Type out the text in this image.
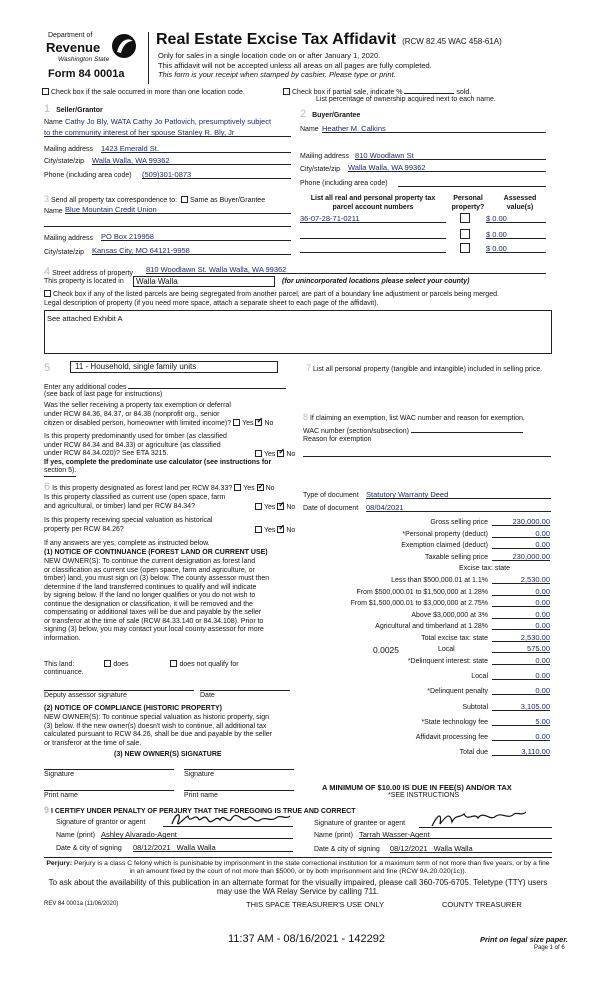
Department of
Revenue
Washington State
Form 84 0001a
Real Estate Excise Tax Affidavit (RCW 82.45 WAC 458-61A)
Only for sales in a single location code on or after January 1, 2020.
This affidavit will not be accepted unless all areas on all pages are fully completed.
This form is your receipt when stamped by cashier. Please type or print.
Check box if the sale occurred in more than one location code.	Check box if partial sale, indicate %	sold.
List percentage of ownership acquired next to each name.
1 Seller/Grantor
Name Cathy Jo Bly, WATA Cathy Jo Patlovich, presumptively subject
to the community interest of her spouse Stanley R. Bly, Jr
Mailing address 1423 Emerald St.
City/state/zip Walla Walla, WA 99362
Phone (including area code) (509)301-0873
2 Buyer/Grantee
Name Heather M. Calkins
Mailing address 810 Woodlawn St
City/state/zip Walla Walla, WA 99362
Phone (including area code)
3 Send all property tax correspondence to: Same as Buyer/Grantee
Name Blue Mountain Credit Union
Mailing address PO Box 219958
City/state/zip Kansas City, MO 64121-9958
List all real and personal property tax
parcel account numbers
Personal
property?
Assessed
value(s)
36-07-28-71-0211	$ 0.00
$ 0.00
$ 0.00
4 Street address of property 810 Woodlawn St. Walla Walla, WA 99362
This property is located in	Walla Walla	(for unincorporated locations please select your county)
Check box if any of the listed parcels are being segregated from another parcel, are part of a boundary line adjustment or parcels being merged.
Legal description of property (if you need more space, attach a separate sheet to each page of the affidavit).
See attached Exhibit A
5	11 - Household, single family units
Enter any additional codes
(see back of last page for instructions)
Was the seller receiving a property tax exemption or deferral
under RCW 84.36, 84.37, or 84.38 (nonprofit org., senior
citizen or disabled person, homeowner with limited income)? Yes ✓ No
Is this property predominantly used for timber (as classified
under RCW 84.34 and 84.33) or agriculture (as classified
under RCW 84.34.020)? See ETA 3215.	Yes ✓ No
If yes, complete the predominate use calculator (see instructions for
section 5).
6 Is this property designated as forest land per RCW 84.33? Yes ✓ No
Is this property classified as current use (open space, farm
and agricultural, or timber) land per RCW 84.34?	Yes ✓ No
Is this property receiving special valuation as historical
property per RCW 84.26?	Yes ✓ No
If any answers are yes, complete as instructed below.
(1) NOTICE OF CONTINUANCE (FOREST LAND OR CURRENT USE)
NEW OWNER(S): To continue the current designation as forest land
or classification as current use (open space, farm and agriculture, or
timber) land, you must sign on (3) below. The county assessor must then
determine if the land transferred continues to qualify and will indicate
by signing below. If the land no longer qualifies or you do not wish to
continue the designation or classification, it will be removed and the
compensating or additional taxes will be due and payable by the seller
or transferor at the time of sale (RCW 84.33.140 or 84.34.108). Prior to
signing (3) below, you may contact your local county assessor for more
information.
This land:	does	does not qualify for
continuance.
Deputy assessor signature	Date
(2) NOTICE OF COMPLIANCE (HISTORIC PROPERTY)
NEW OWNER(S): To continue special valuation as historic property, sign
(3) below. If the new owner(s) doesn't wish to continue, all additional tax
calculated pursuant to RCW 84.26, shall be due and payable by the seller
or transferor at the time of sale.
(3) NEW OWNER(S) SIGNATURE
Signature	Signature
Print name	Print name
7 List all personal property (tangible and intangible) included in selling price.
8 If claiming an exemption, list WAC number and reason for exemption.
WAC number (section/subsection)
Reason for exemption
Type of document Statutory Warranty Deed
Date of document 08/04/2021
Gross selling price	230,000.00
*Personal property (deduct)	0.00
Exemption claimed (deduct)	0.00
Taxable selling price	230,000.00
Excise tax: state
Less than $500,000.01 at 1.1%	2,530.00
From $500,000.01 to $1,500,000 at 1.28%	0.00
From $1,500,000.01 to $3,000,000 at 2.75%	0.00
Above $3,000,000 at 3%	0.00
Agricultural and timberland at 1.28%	0.00
Total excise tax: state	2,530.00
0.0025	Local	575.00
*Delinquent interest: state	0.00
Local	0.00
*Delinquent penalty	0.00
Subtotal	3,105.00
*State technology fee	5.00
Affidavit processing fee	0.00
Total due	3,110.00
A MINIMUM OF $10.00 IS DUE IN FEE(S) AND/OR TAX
*SEE INSTRUCTIONS
9 I CERTIFY UNDER PENALTY OF PERJURY THAT THE FOREGOING IS TRUE AND CORRECT
Signature of grantor or agent
Name (print) Ashley Alvarado-Agent
Date & city of signing 08/12/2021 Walla Walla
Signature of grantee or agent
Name (print) Tarrah Wasser-Agent
Date & city of signing 08/12/2021 Walla Walla
Perjury: Perjury is a class C felony which is punishable by imprisonment in the state correctional institution for a maximum term of not more than five years, or by a fine in an amount fixed by the court of not more than $5000, or by both imprisonment and fine (RCW 9A.20.020(1c)).
To ask about the availability of this publication in an alternate format for the visually impaired, please call 360-705-6705. Teletype (TTY) users may use the WA Relay Service by calling 711.
REV 84 0001a (11/06/2020)	THIS SPACE TREASURER'S USE ONLY	COUNTY TREASURER
11:37 AM - 08/16/2021 - 142292	Print on legal size paper.
Page 1 of 6
